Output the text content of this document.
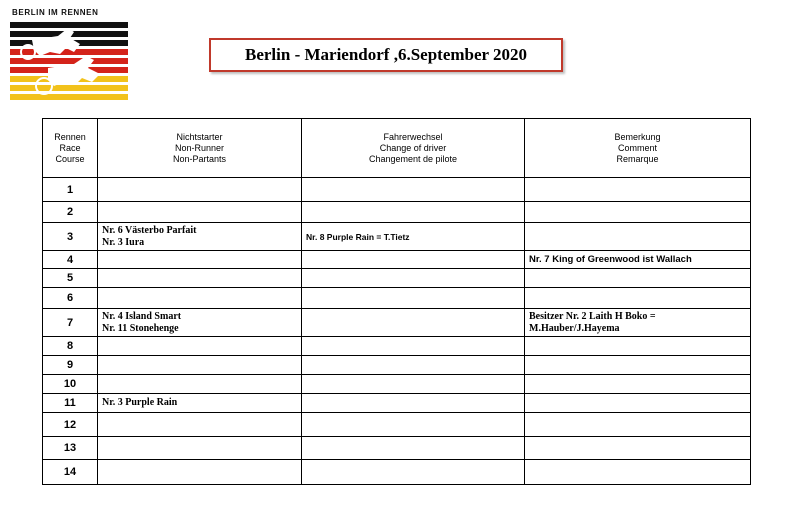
BERLIN IM RENNEN
Berlin - Mariendorf ,6.September 2020
Rennen
Race
Course	Nichtstarter
Non-Runner
Non-Partants	Fahrerwechsel
Change of driver
Changement de pilote	Bemerkung
Comment
Remarque

1			
2			
3	Nr. 6 Västerbo Parfait
Nr. 3 Iura	Nr. 8 Purple Rain = T.Tietz	

4			Nr. 7 King of Greenwood ist Wallach

5			
6			
7	Nr. 4 Island Smart
Nr. 11 Stonehenge		Besitzer Nr. 2 Laith H Boko =
M.Hauber/J.Hayema

8			
9			
10			
11	Nr. 3 Purple Rain		

12			
13			
14			
